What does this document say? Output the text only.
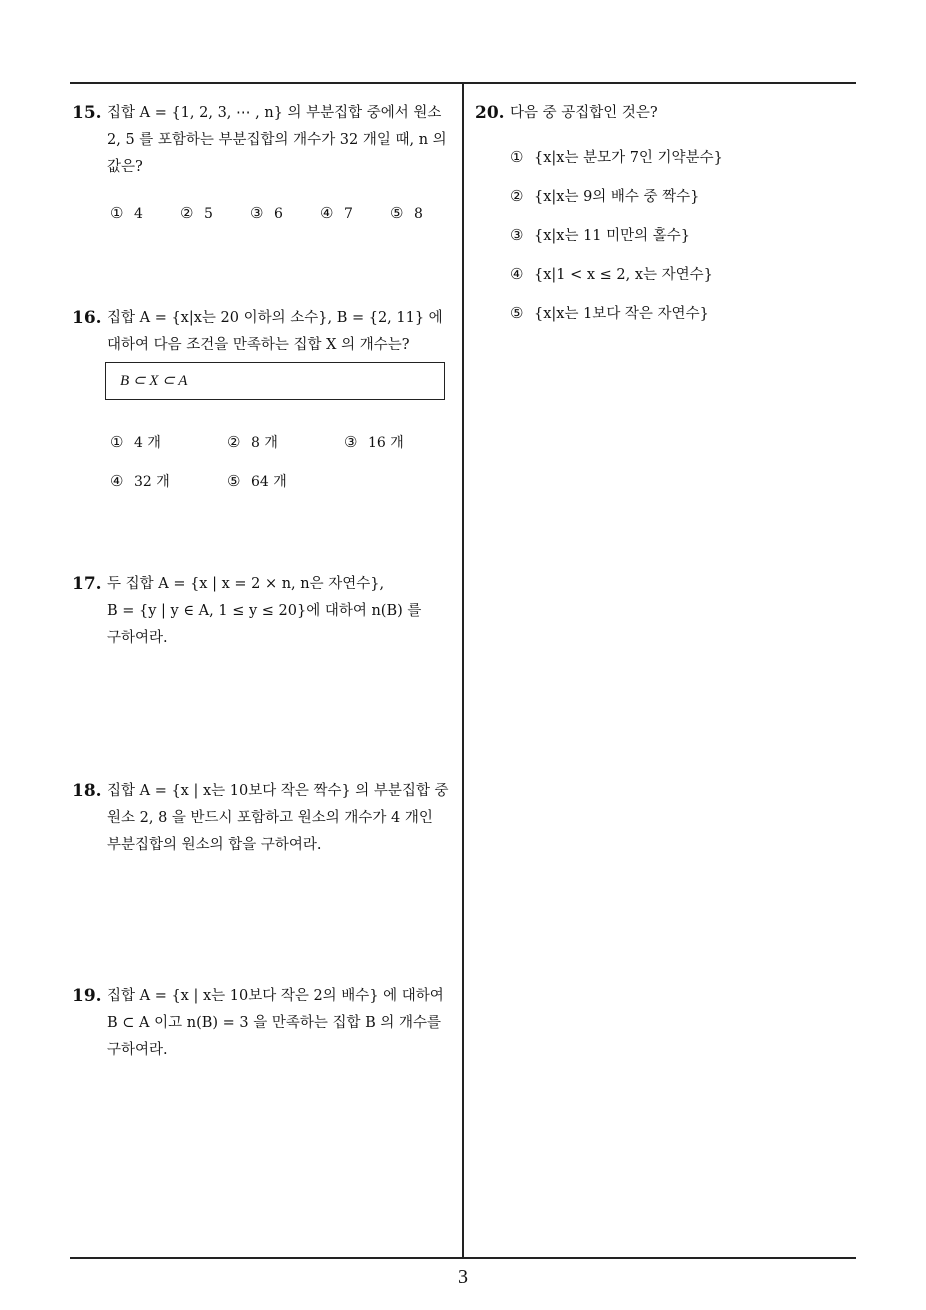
15. 집합 A = {1, 2, 3, ⋯ , n} 의 부분집합 중에서 원소
2, 5 를 포함하는 부분집합의 개수가 32 개일 때, n 의
값은?
① 4 ② 5 ③ 6 ④ 7 ⑤ 8
16. 집합 A = {x|x는 20 이하의 소수}, B = {2, 11} 에
대하여 다음 조건을 만족하는 집합 X 의 개수는?
B ⊂ X ⊂ A
① 4 개	② 8 개	③ 16 개
④ 32 개	⑤ 64 개
17. 두 집합 A = {x | x = 2 × n, n은 자연수},
B = {y | y ∈ A, 1 ≤ y ≤ 20}에 대하여 n(B) 를
구하여라.
18. 집합 A = {x | x는 10보다 작은 짝수} 의 부분집합 중
원소 2, 8 을 반드시 포함하고 원소의 개수가 4 개인
부분집합의 원소의 합을 구하여라.
19. 집합 A = {x | x는 10보다 작은 2의 배수} 에 대하여
B ⊂ A 이고 n(B) = 3 을 만족하는 집합 B 의 개수를
구하여라.
20. 다음 중 공집합인 것은?
① {x|x는 분모가 7인 기약분수}
② {x|x는 9의 배수 중 짝수}
③ {x|x는 11 미만의 홀수}
④ {x|1 < x ≤ 2, x는 자연수}
⑤ {x|x는 1보다 작은 자연수}
3
